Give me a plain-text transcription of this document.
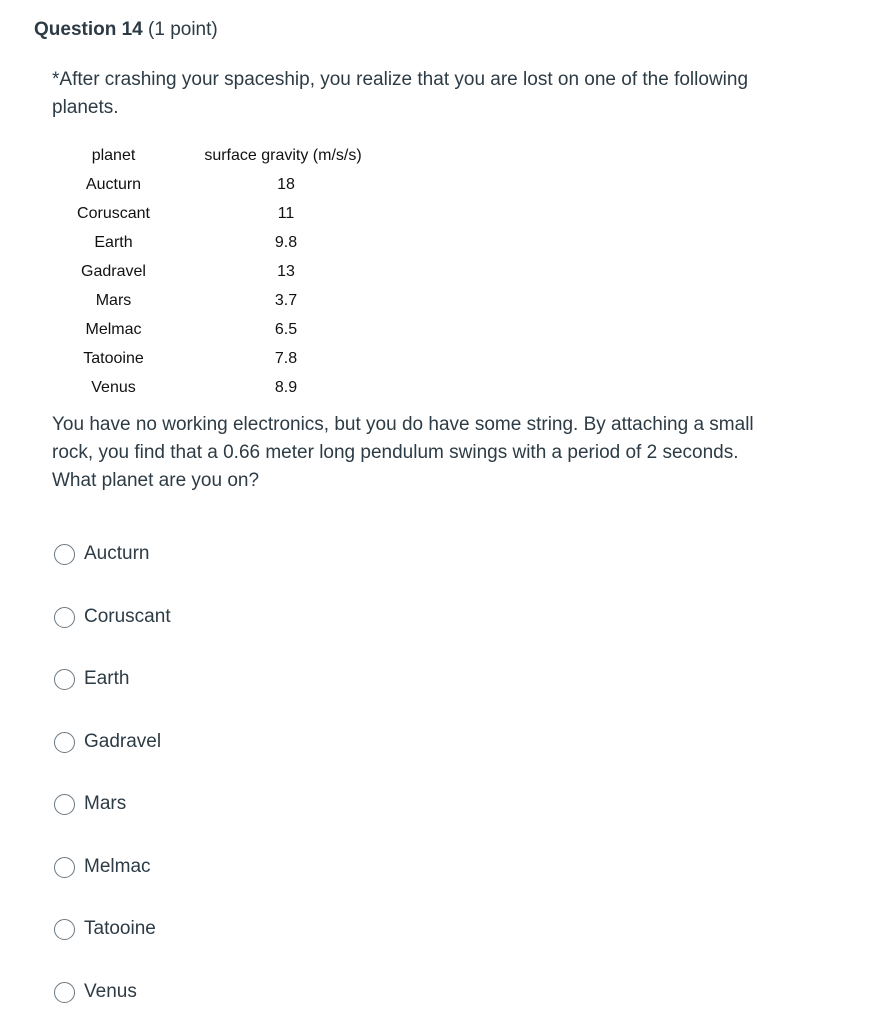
Question 14 (1 point)
*After crashing your spaceship, you realize that you are lost on one of the following planets.
planet	surface gravity (m/s/s)
Aucturn	18
Coruscant	11
Earth	9.8
Gadravel	13
Mars	3.7
Melmac	6.5
Tatooine	7.8
Venus	8.9
You have no working electronics, but you do have some string. By attaching a small rock, you find that a 0.66 meter long pendulum swings with a period of 2 seconds. What planet are you on?
Aucturn
Coruscant
Earth
Gadravel
Mars
Melmac
Tatooine
Venus
